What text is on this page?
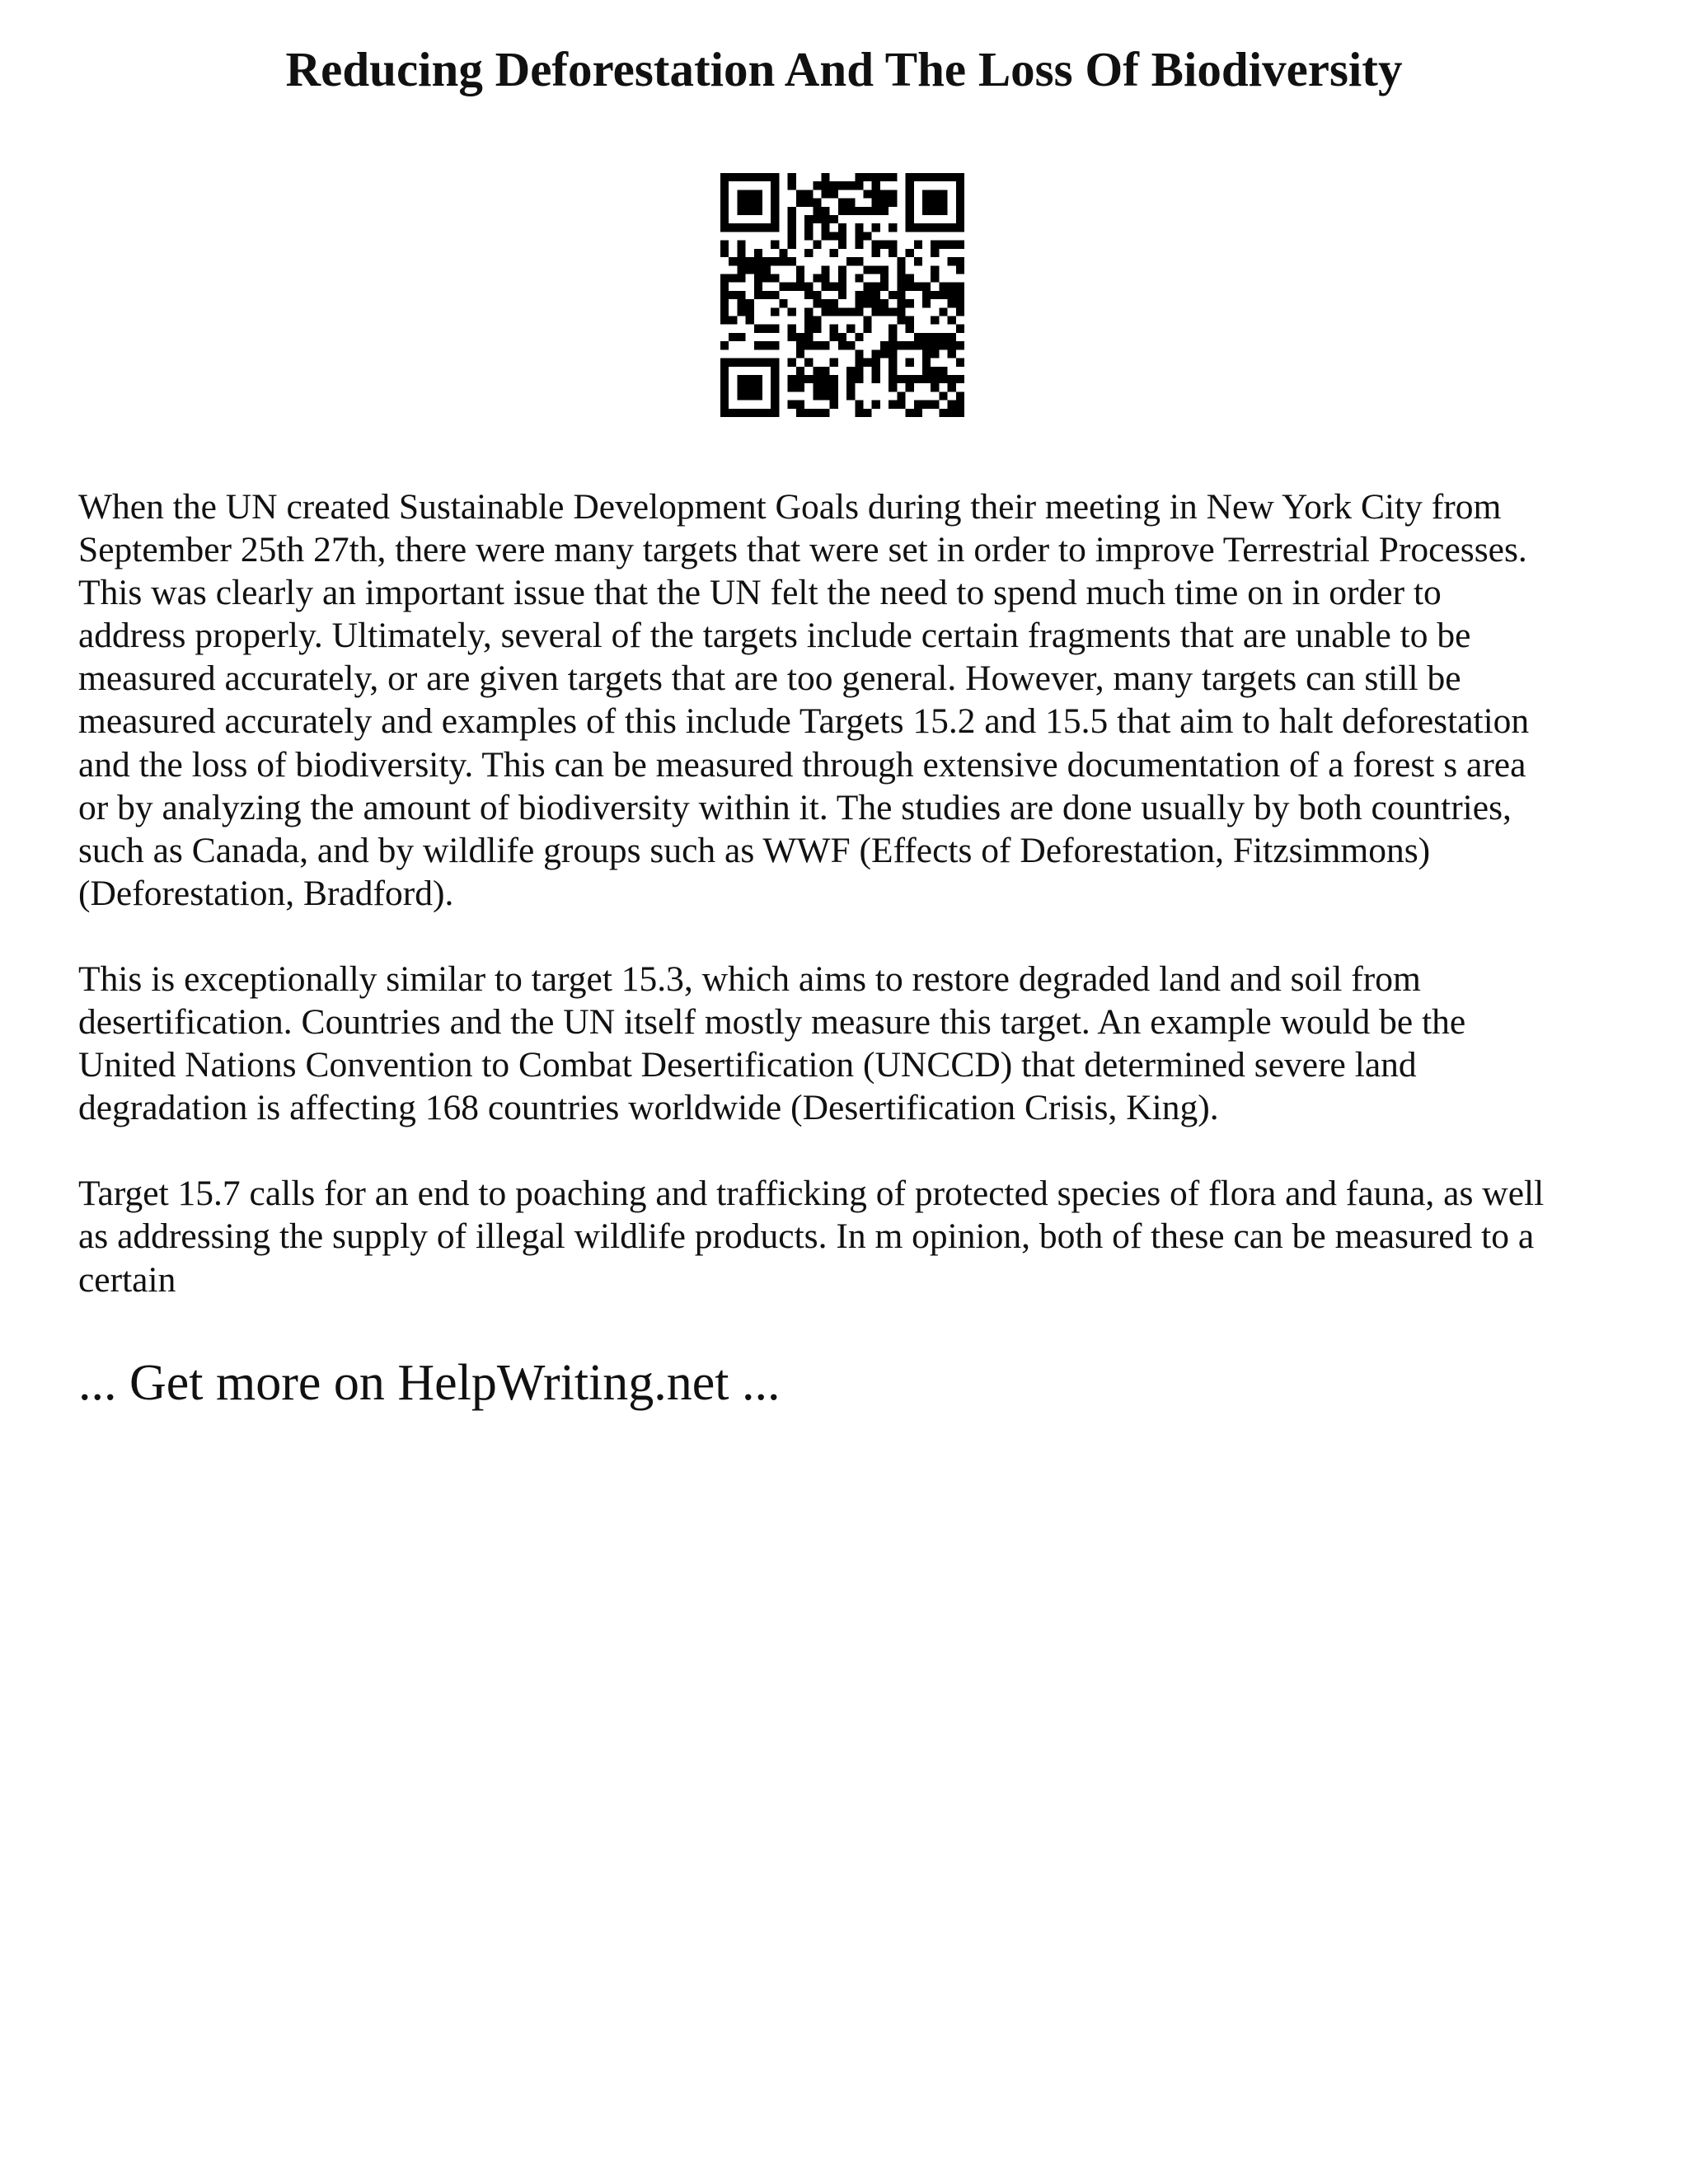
Reducing Deforestation And The Loss Of Biodiversity

When the UN created Sustainable Development Goals during their meeting in New York City from
September 25th 27th, there were many targets that were set in order to improve Terrestrial Processes.
This was clearly an important issue that the UN felt the need to spend much time on in order to
address properly. Ultimately, several of the targets include certain fragments that are unable to be
measured accurately, or are given targets that are too general. However, many targets can still be
measured accurately and examples of this include Targets 15.2 and 15.5 that aim to halt deforestation
and the loss of biodiversity. This can be measured through extensive documentation of a forest s area
or by analyzing the amount of biodiversity within it. The studies are done usually by both countries,
such as Canada, and by wildlife groups such as WWF (Effects of Deforestation, Fitzsimmons)
(Deforestation, Bradford).

This is exceptionally similar to target 15.3, which aims to restore degraded land and soil from
desertification. Countries and the UN itself mostly measure this target. An example would be the
United Nations Convention to Combat Desertification (UNCCD) that determined severe land
degradation is affecting 168 countries worldwide (Desertification Crisis, King).

Target 15.7 calls for an end to poaching and trafficking of protected species of flora and fauna, as well
as addressing the supply of illegal wildlife products. In m opinion, both of these can be measured to a
certain

... Get more on HelpWriting.net ...
